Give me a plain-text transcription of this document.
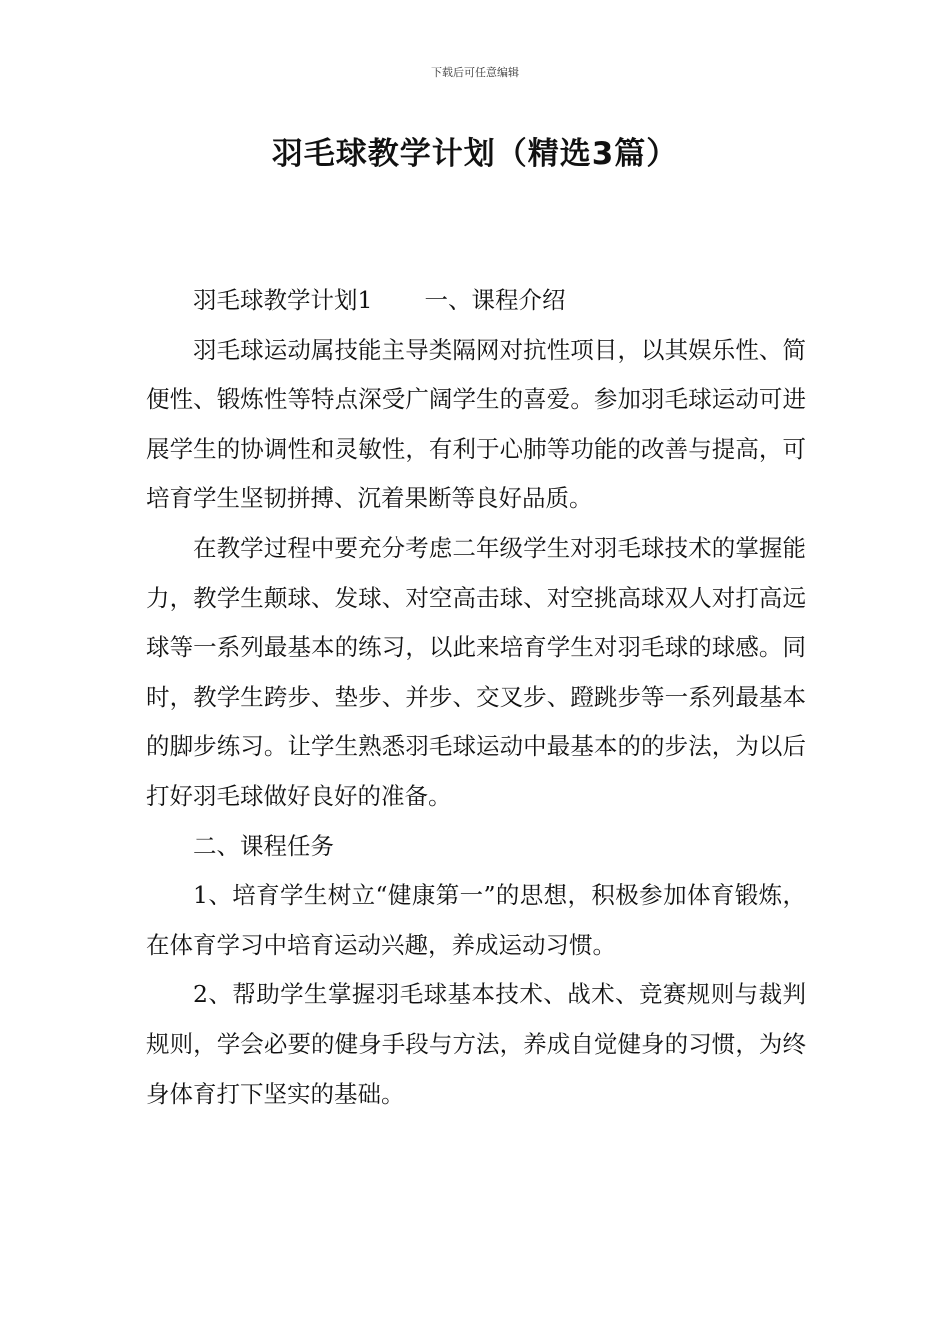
下载后可任意编辑
羽毛球教学计划（精选3篇）

羽毛球教学计划1 一、课程介绍

羽毛球运动属技能主导类隔网对抗性项目，以其娱乐性、简便性、锻炼性等特点深受广阔学生的喜爱。参加羽毛球运动可进展学生的协调性和灵敏性，有利于心肺等功能的改善与提高，可培育学生坚韧拼搏、沉着果断等良好品质。

在教学过程中要充分考虑二年级学生对羽毛球技术的掌握能力，教学生颠球、发球、对空高击球、对空挑高球双人对打高远球等一系列最基本的练习，以此来培育学生对羽毛球的球感。同时，教学生跨步、垫步、并步、交叉步、蹬跳步等一系列最基本的脚步练习。让学生熟悉羽毛球运动中最基本的的步法，为以后打好羽毛球做好良好的准备。

二、课程任务

1、培育学生树立“健康第一”的思想，积极参加体育锻炼，在体育学习中培育运动兴趣，养成运动习惯。

2、帮助学生掌握羽毛球基本技术、战术、竞赛规则与裁判规则，学会必要的健身手段与方法，养成自觉健身的习惯，为终身体育打下坚实的基础。
